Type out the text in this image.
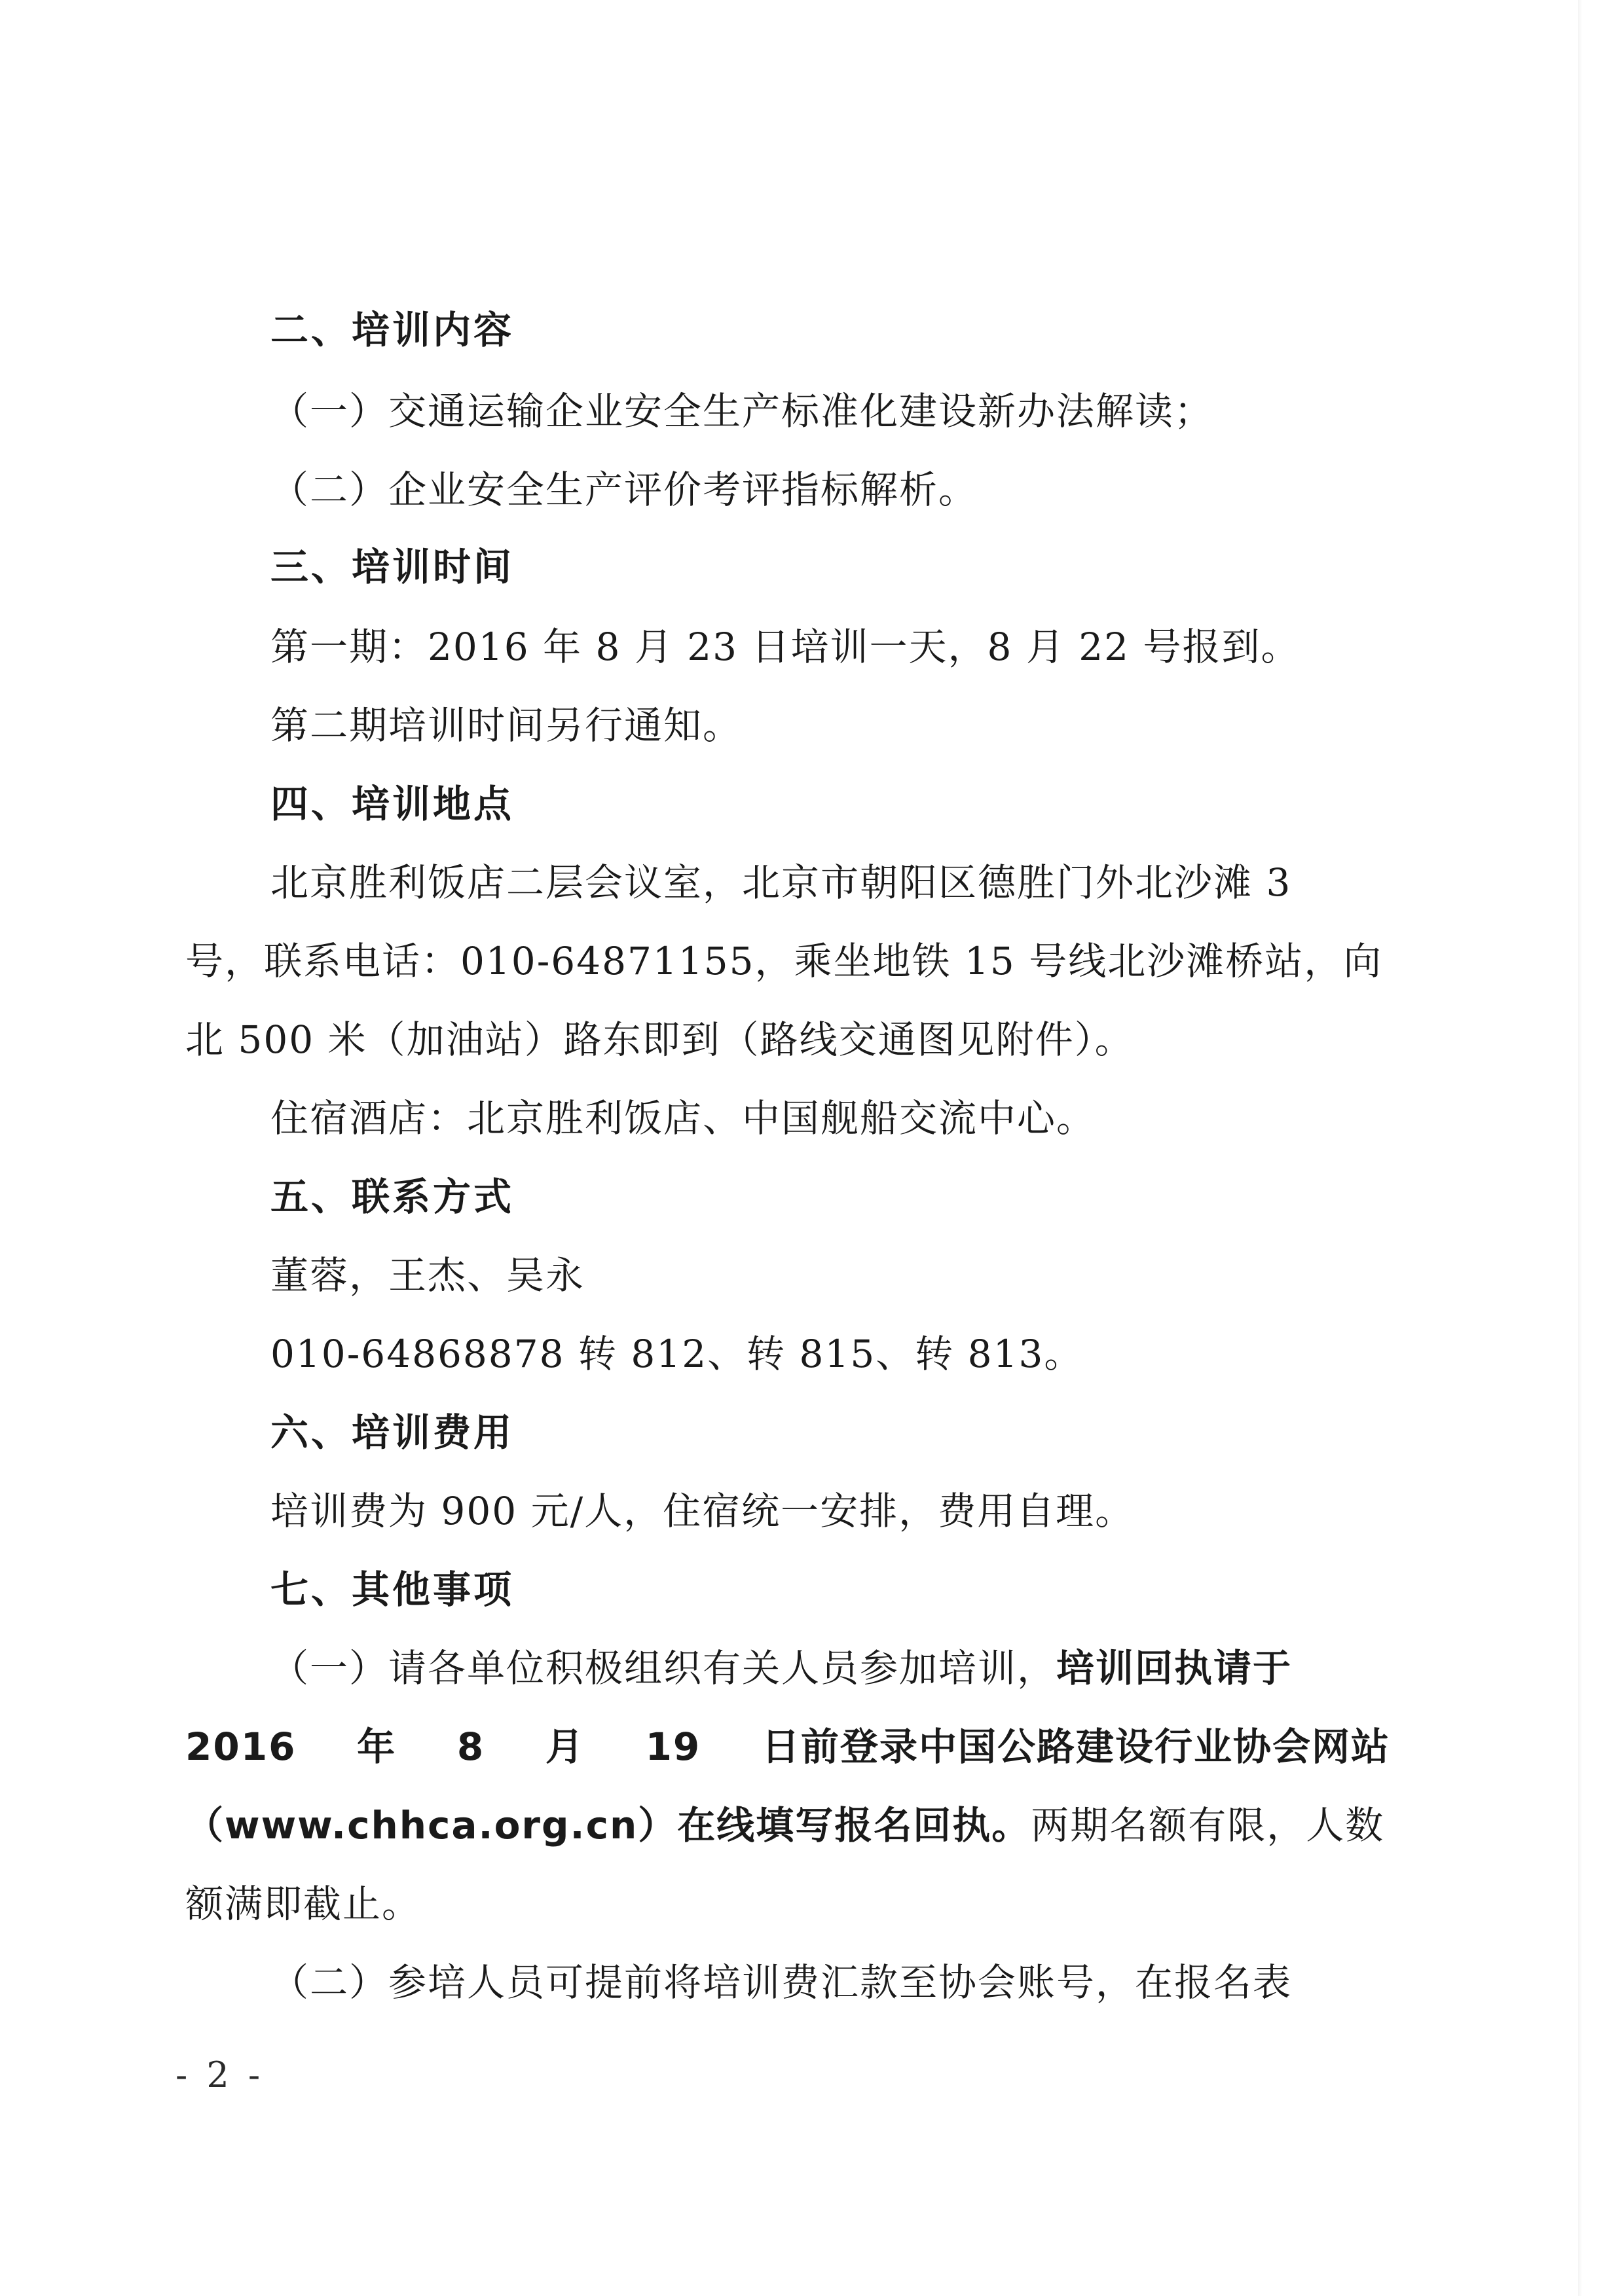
二、培训内容
（一）交通运输企业安全生产标准化建设新办法解读；
（二）企业安全生产评价考评指标解析。
三、培训时间
第一期：2016 年 8 月 23 日培训一天，8 月 22 号报到。
第二期培训时间另行通知。
四、培训地点
北京胜利饭店二层会议室，北京市朝阳区德胜门外北沙滩 3
号，联系电话：010-64871155，乘坐地铁 15 号线北沙滩桥站，向
北 500 米（加油站）路东即到（路线交通图见附件）。
住宿酒店：北京胜利饭店、中国舰船交流中心。
五、联系方式
董蓉，王杰、吴永
010-64868878 转 812、转 815、转 813。
六、培训费用
培训费为 900 元/人，住宿统一安排，费用自理。
七、其他事项
（一）请各单位积极组织有关人员参加培训，培训回执请于
2016 年 8 月 19 日前登录中国公路建设行业协会网站
（www.chhca.org.cn）在线填写报名回执。两期名额有限，人数
额满即截止。
（二）参培人员可提前将培训费汇款至协会账号，在报名表
- 2 -
